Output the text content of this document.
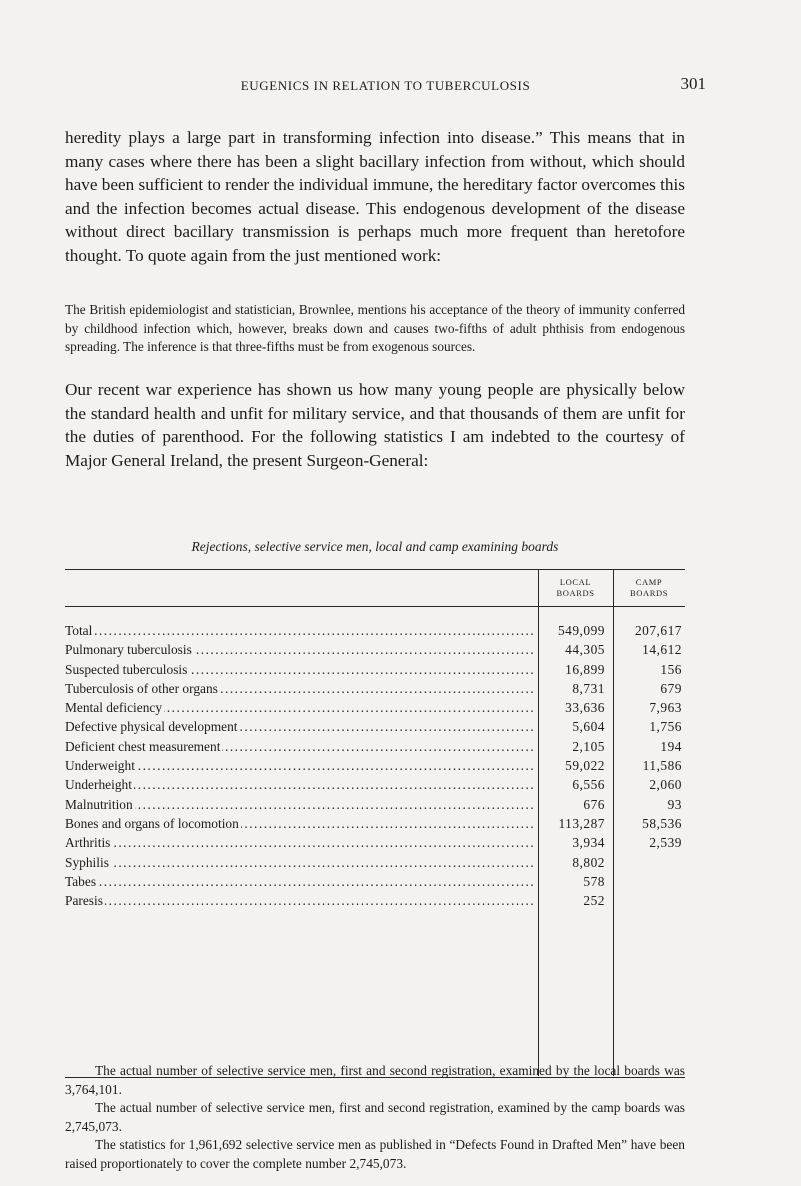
EUGENICS IN RELATION TO TUBERCULOSIS	301
heredity plays a large part in transforming infection into disease.” This means that in many cases where there has been a slight bacillary infection from without, which should have been sufficient to render the individual immune, the hereditary factor overcomes this and the infection becomes actual disease. This endogenous development of the disease without direct bacillary transmission is perhaps much more frequent than heretofore thought. To quote again from the just mentioned work:
The British epidemiologist and statistician, Brownlee, mentions his acceptance of the theory of immunity conferred by childhood infection which, however, breaks down and causes two-fifths of adult phthisis from endogenous spreading. The inference is that three-fifths must be from exogenous sources.
Our recent war experience has shown us how many young people are physically below the standard health and unfit for military service, and that thousands of them are unfit for the duties of parenthood. For the following statistics I am indebted to the courtesy of Major General Ireland, the present Surgeon-General:
Rejections, selective service men, local and camp examining boards
LOCAL
BOARDS
CAMP
BOARDS
Total .....	549,099	207,617
Pulmonary tuberculosis .....	44,305	14,612
Suspected tuberculosis .....	16,899	156
Tuberculosis of other organs .....	8,731	679
Mental deficiency .....	33,636	7,963
Defective physical development .....	5,604	1,756
Deficient chest measurement .....	2,105	194
Underweight .....	59,022	11,586
Underheight .....	6,556	2,060
Malnutrition .....	676	93
Bones and organs of locomotion .....	113,287	58,536
Arthritis .....	3,934	2,539
Syphilis .....	8,802
Tabes .....	578
Paresis .....	252

The actual number of selective service men, first and second registration, examined by the local boards was 3,764,101.

The actual number of selective service men, first and second registration, examined by the camp boards was 2,745,073.

The statistics for 1,961,692 selective service men as published in “Defects Found in Drafted Men” have been raised proportionately to cover the complete number 2,745,073.
